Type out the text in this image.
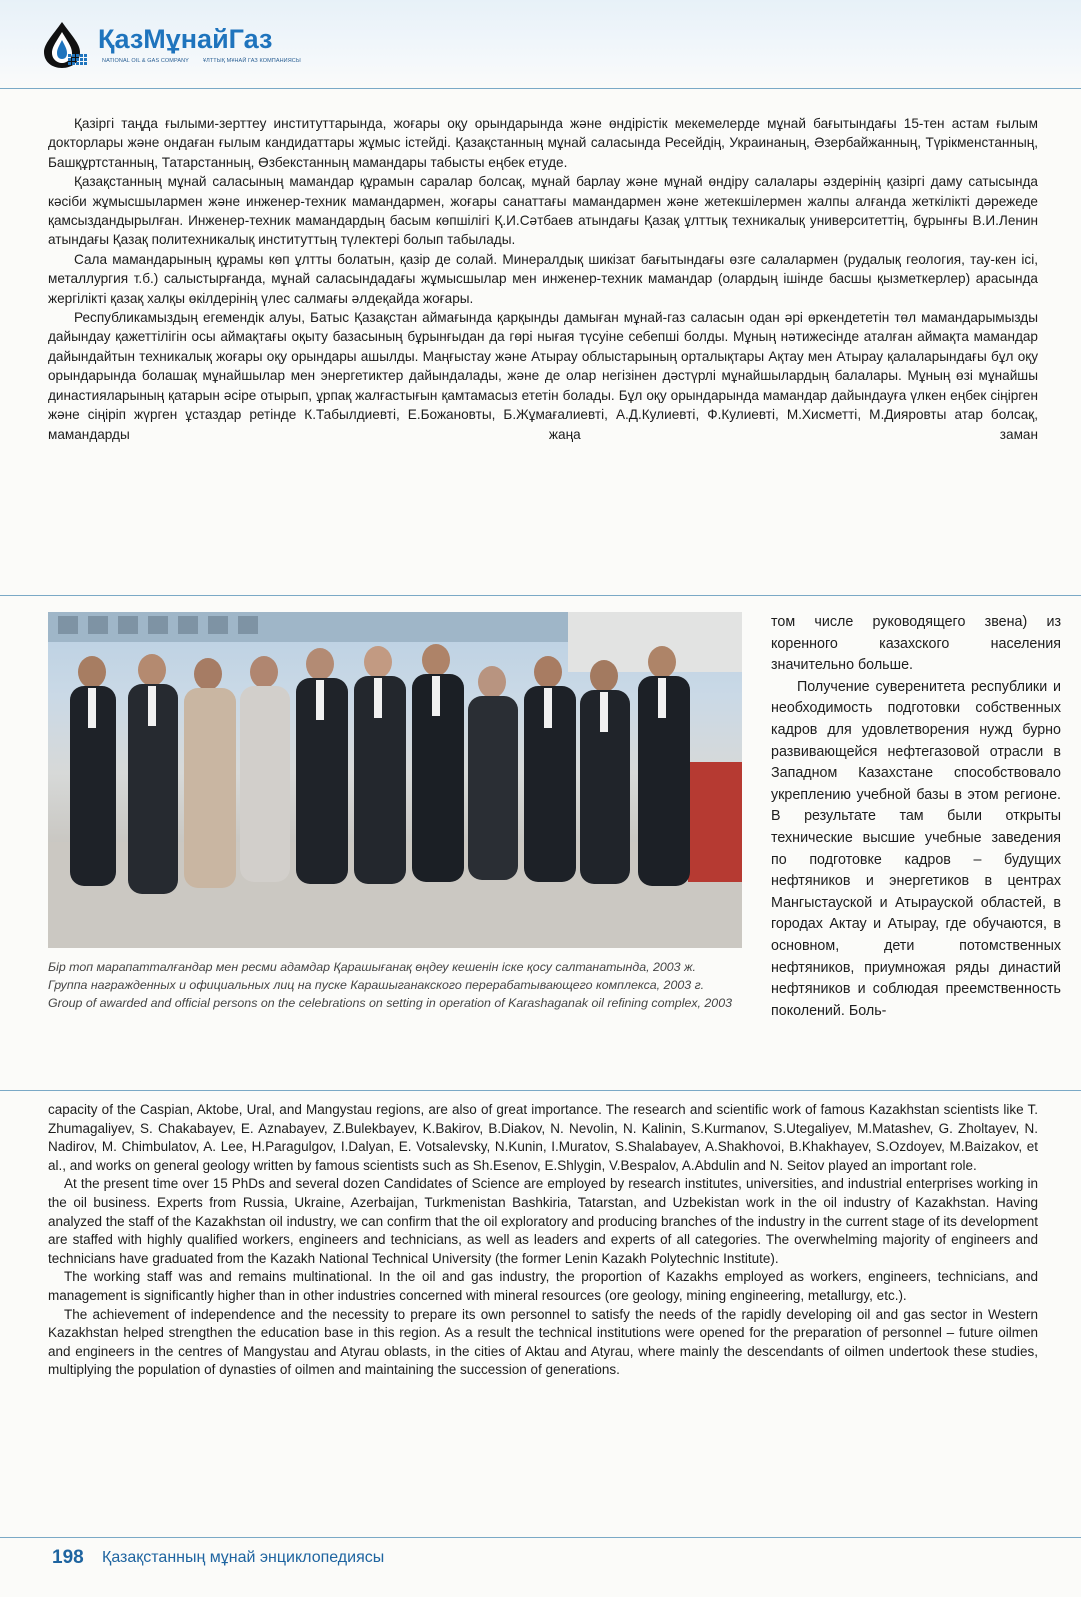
ҚазМұнайГаз
NATIONAL OIL & GAS COMPANY	ҰЛТТЫҚ МҰНАЙ ГАЗ КОМПАНИЯСЫ

Қазіргі таңда ғылыми-зерттеу институттарында, жоғары оқу орындарында және өндірістік мекемелерде мұнай бағытындағы 15-тен астам ғылым докторлары және ондаған ғылым кандидаттары жұмыс істейді. Қазақстанның мұнай саласында Ресейдің, Украинаның, Әзербайжанның, Түрікменстанның, Башқұртстанның, Татарстанның, Өзбекстанның мамандары табысты еңбек етуде.

Қазақстанның мұнай саласының мамандар құрамын саралар болсақ, мұнай барлау және мұнай өндіру салалары әздерінің қазіргі даму сатысында кәсіби жұмысшылармен және инженер-техник мамандармен, жоғары санаттағы мамандармен және жетекшілермен жалпы алғанда жеткілікті дәрежеде қамсыздандырылған. Инженер-техник мамандардың басым көпшілігі Қ.И.Сәтбаев атындағы Қазақ ұлттық техникалық университеттің, бұрынғы В.И.Ленин атындағы Қазақ политехникалық институттың түлектері болып табылады.

Сала мамандарының құрамы көп ұлтты болатын, қазір де солай. Минералдық шикізат бағытындағы өзге салалармен (рудалық геология, тау-кен ісі, металлургия т.б.) салыстырғанда, мұнай саласындадағы жұмысшылар мен инженер-техник мамандар (олардың ішінде басшы қызметкерлер) арасында жергілікті қазақ халқы өкілдерінің үлес салмағы әлдеқайда жоғары.

Республикамыздың егемендік алуы, Батыс Қазақстан аймағында қарқынды дамыған мұнай-газ саласын одан әрі өркендететін төл мамандарымызды дайындау қажеттілігін осы аймақтағы оқыту базасының бұрынғыдан да гөрі нығая түсуіне себепші болды. Мұның нәтижесінде аталған аймақта мамандар дайындайтын техникалық жоғары оқу орындары ашылды. Маңғыстау және Атырау облыстарының орталықтары Ақтау мен Атырау қалаларындағы бұл оқу орындарында болашақ мұнайшылар мен энергетиктер дайындалады, және де олар негізінен дәстүрлі мұнайшылардың балалары. Мұның өзі мұнайшы династияларының қатарын әсіре отырып, ұрпақ жалғастығын қамтамасыз ететін болады. Бұл оқу орындарында мамандар дайындауға үлкен еңбек сіңірген және сіңіріп жүрген ұстаздар ретінде К.Табылдиевті, Е.Божановты, Б.Жұмағалиевті, А.Д.Кулиевті, Ф.Кулиевті, М.Хисметті, М.Дияровты атар болсақ, мамандарды жаңа заман

Бір топ марапатталғандар мен ресми адамдар Қарашығанақ өңдеу кешенін іске қосу салтанатында, 2003 ж.

Группа награжденных и официальных лиц на пуске Карашыганакского перерабатывающего комплекса, 2003 г.

Group of awarded and official persons on the celebrations on setting in operation of Karashaganak oil refining complex, 2003

том числе руководящего звена) из коренного казахского населения значительно больше.

Получение суверенитета республики и необходимость подготовки собственных кадров для удовлетворения нужд бурно развивающейся нефтегазовой отрасли в Западном Казахстане способствовало укреплению учебной базы в этом регионе. В результате там были открыты технические высшие учебные заведения по подготовке кадров – будущих нефтяников и энергетиков в центрах Мангыстауской и Атырауской областей, в городах Актау и Атырау, где обучаются, в основном, дети потомственных нефтяников, приумножая ряды династий нефтяников и соблюдая преемственность поколений. Боль-

capacity of the Caspian, Aktobe, Ural, and Mangystau regions, are also of great importance. The research and scientific work of famous Kazakhstan scientists like T. Zhumagaliyev, S. Chakabayev, E. Aznabayev, Z.Bulekbayev, K.Bakirov, B.Diakov, N. Nevolin, N. Kalinin, S.Kurmanov, S.Utegaliyev, M.Matashev, G. Zholtayev, N. Nadirov, M. Chimbulatov, A. Lee, H.Paragulgov, I.Dalyan, E. Votsalevsky, N.Kunin, I.Muratov, S.Shalabayev, A.Shakhovoi, B.Khakhayev, S.Ozdoyev, M.Baizakov, et al., and works on general geology written by famous scientists such as Sh.Esenov, E.Shlygin, V.Bespalov, A.Abdulin and N. Seitov played an important role.

At the present time over 15 PhDs and several dozen Candidates of Science are employed by research institutes, universities, and industrial enterprises working in the oil business. Experts from Russia, Ukraine, Azerbaijan, Turkmenistan Bashkiria, Tatarstan, and Uzbekistan work in the oil industry of Kazakhstan. Having analyzed the staff of the Kazakhstan oil industry, we can confirm that the oil exploratory and producing branches of the industry in the current stage of its development are staffed with highly qualified workers, engineers and technicians, as well as leaders and experts of all categories. The overwhelming majority of engineers and technicians have graduated from the Kazakh National Technical University (the former Lenin Kazakh Polytechnic Institute).

The working staff was and remains multinational. In the oil and gas industry, the proportion of Kazakhs employed as workers, engineers, technicians, and management is significantly higher than in other industries concerned with mineral resources (ore geology, mining engineering, metallurgy, etc.).

The achievement of independence and the necessity to prepare its own personnel to satisfy the needs of the rapidly developing oil and gas sector in Western Kazakhstan helped strengthen the education base in this region. As a result the technical institutions were opened for the preparation of personnel – future oilmen and engineers in the centres of Mangystau and Atyrau oblasts, in the cities of Aktau and Atyrau, where mainly the descendants of oilmen undertook these studies, multiplying the population of dynasties of oilmen and maintaining the succession of generations.

198 Қазақстанның мұнай энциклопедиясы
